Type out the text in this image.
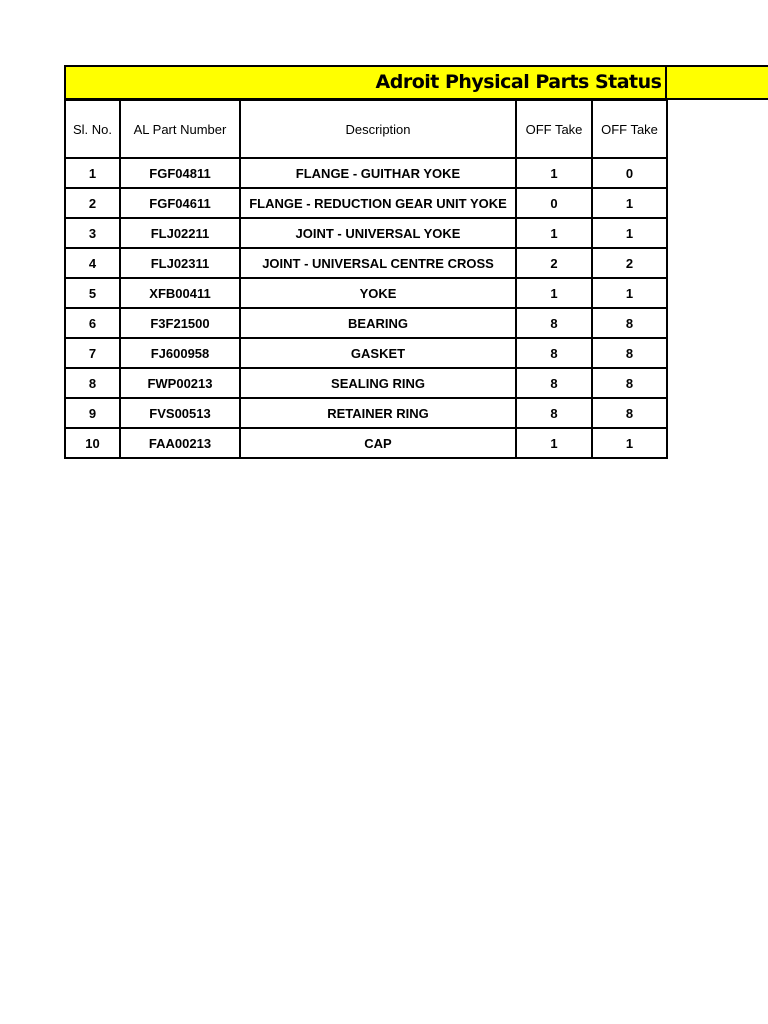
Adroit Physical Parts Status
Sl. No.	AL Part Number	Description	OFF Take	OFF Take
1	FGF04811	FLANGE - GUITHAR YOKE	1	0
2	FGF04611	FLANGE - REDUCTION GEAR UNIT YOKE	0	1
3	FLJ02211	JOINT - UNIVERSAL YOKE	1	1
4	FLJ02311	JOINT - UNIVERSAL CENTRE CROSS	2	2
5	XFB00411	YOKE	1	1
6	F3F21500	BEARING	8	8
7	FJ600958	GASKET	8	8
8	FWP00213	SEALING RING	8	8
9	FVS00513	RETAINER RING	8	8
10	FAA00213	CAP	1	1
